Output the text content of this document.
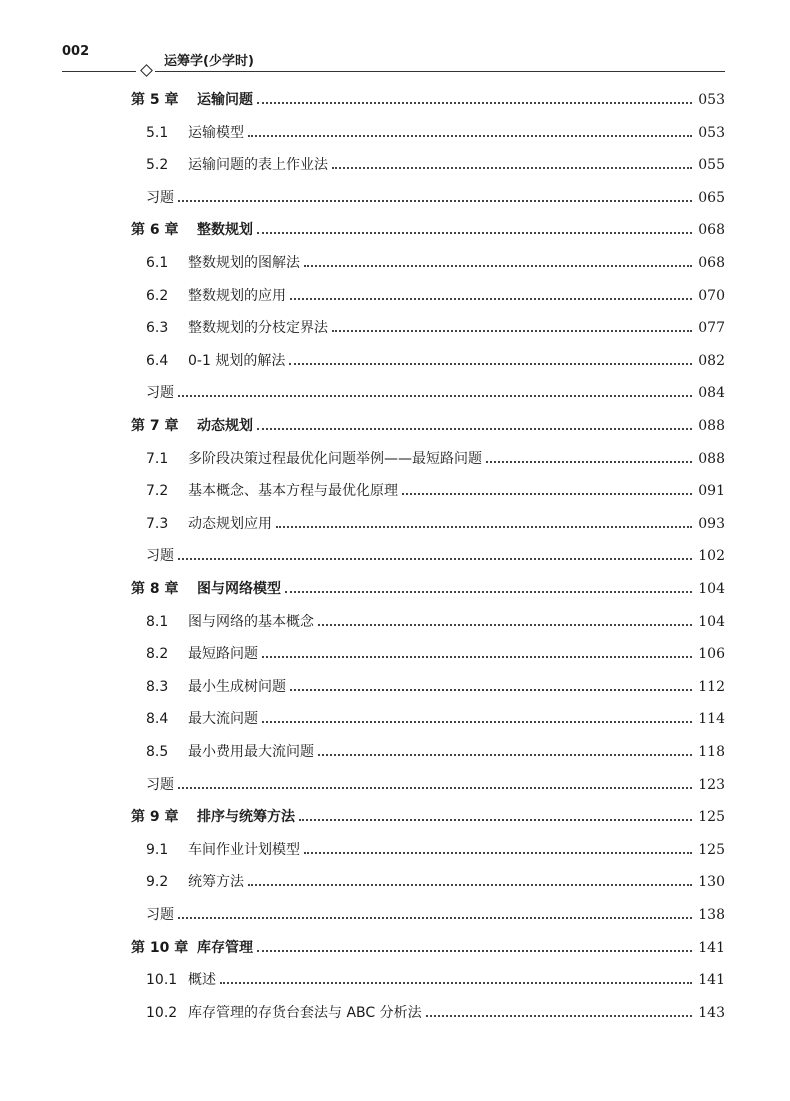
002
运筹学(少学时)
第 5 章	运输问题	053
5.1	运输模型	053
5.2	运输问题的表上作业法	055
习题	065
第 6 章	整数规划	068
6.1	整数规划的图解法	068
6.2	整数规划的应用	070
6.3	整数规划的分枝定界法	077
6.4	0-1 规划的解法	082
习题	084
第 7 章	动态规划	088
7.1	多阶段决策过程最优化问题举例——最短路问题	088
7.2	基本概念、基本方程与最优化原理	091
7.3	动态规划应用	093
习题	102
第 8 章	图与网络模型	104
8.1	图与网络的基本概念	104
8.2	最短路问题	106
8.3	最小生成树问题	112
8.4	最大流问题	114
8.5	最小费用最大流问题	118
习题	123
第 9 章	排序与统筹方法	125
9.1	车间作业计划模型	125
9.2	统筹方法	130
习题	138
第 10 章 库存管理	141
10.1 概述	141
10.2 库存管理的存货台套法与 ABC 分析法	143
